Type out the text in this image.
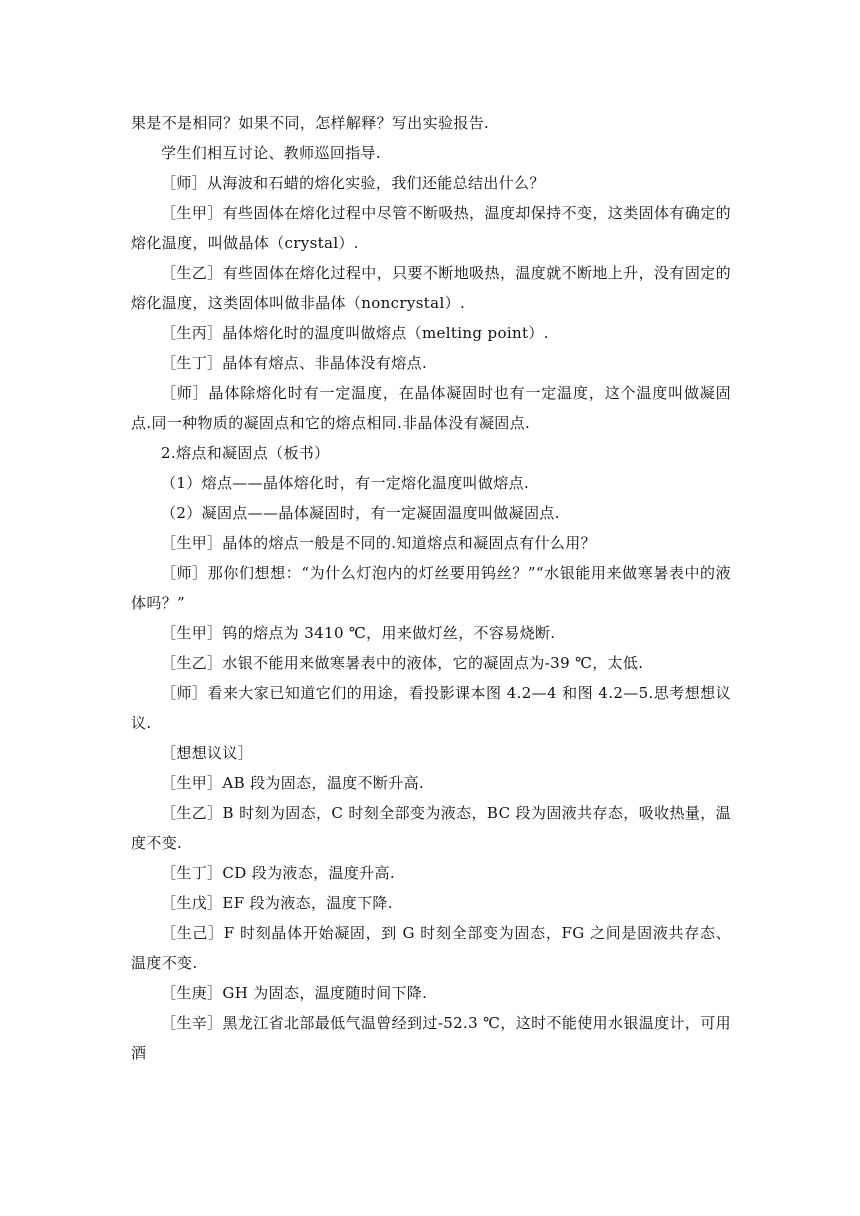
果是不是相同？如果不同，怎样解释？写出实验报告.

学生们相互讨论、教师巡回指导.

［师］从海波和石蜡的熔化实验，我们还能总结出什么？

［生甲］有些固体在熔化过程中尽管不断吸热，温度却保持不变，这类固体有确定的熔化温度，叫做晶体（crystal）.

［生乙］有些固体在熔化过程中，只要不断地吸热，温度就不断地上升，没有固定的熔化温度，这类固体叫做非晶体（noncrystal）.

［生丙］晶体熔化时的温度叫做熔点（melting point）.

［生丁］晶体有熔点、非晶体没有熔点.

［师］晶体除熔化时有一定温度，在晶体凝固时也有一定温度，这个温度叫做凝固点.同一种物质的凝固点和它的熔点相同.非晶体没有凝固点.

2.熔点和凝固点（板书）

（1）熔点——晶体熔化时，有一定熔化温度叫做熔点.

（2）凝固点——晶体凝固时，有一定凝固温度叫做凝固点.

［生甲］晶体的熔点一般是不同的.知道熔点和凝固点有什么用？

［师］那你们想想：“为什么灯泡内的灯丝要用钨丝？”“水银能用来做寒暑表中的液体吗？”

［生甲］钨的熔点为 3410 ℃，用来做灯丝，不容易烧断.

［生乙］水银不能用来做寒暑表中的液体，它的凝固点为-39 ℃，太低.

［师］看来大家已知道它们的用途，看投影课本图 4.2—4 和图 4.2—5.思考想想议议.

［想想议议］

［生甲］AB 段为固态，温度不断升高.

［生乙］B 时刻为固态，C 时刻全部变为液态，BC 段为固液共存态，吸收热量，温度不变.

［生丁］CD 段为液态，温度升高.

［生戊］EF 段为液态，温度下降.

［生己］F 时刻晶体开始凝固，到 G 时刻全部变为固态，FG 之间是固液共存态、温度不变.

［生庚］GH 为固态，温度随时间下降.

［生辛］黑龙江省北部最低气温曾经到过-52.3 ℃，这时不能使用水银温度计，可用酒
